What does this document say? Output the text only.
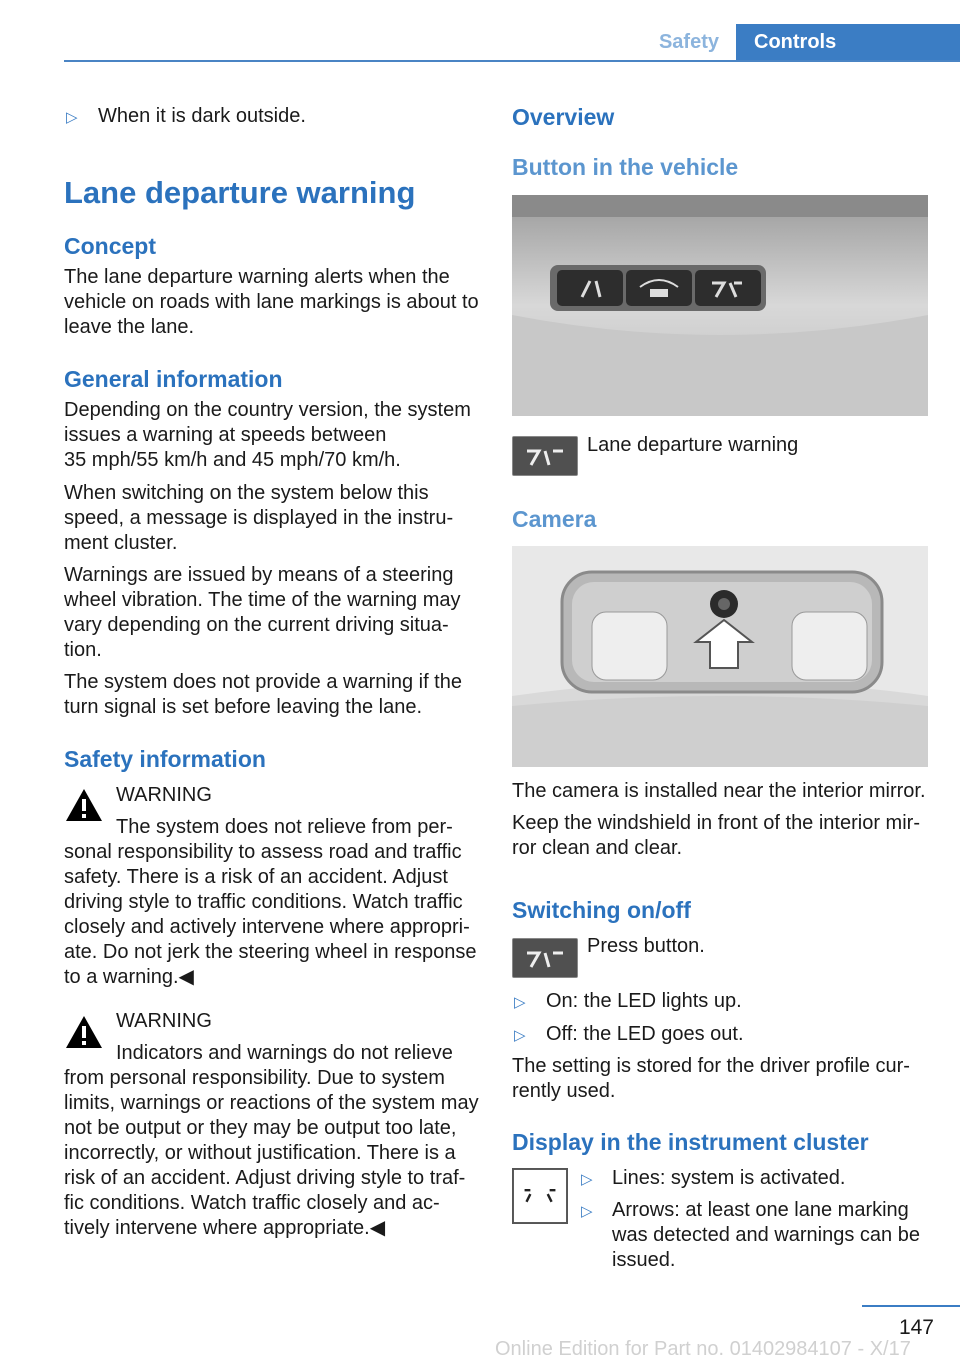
Safety	Controls
▷ When it is dark outside.
Lane departure warning
Concept
The lane departure warning alerts when the
vehicle on roads with lane markings is about to
leave the lane.
General information
Depending on the country version, the system
issues a warning at speeds between
35 mph/55 km/h and 45 mph/70 km/h.
When switching on the system below this
speed, a message is displayed in the instru‐
ment cluster.
Warnings are issued by means of a steering
wheel vibration. The time of the warning may
vary depending on the current driving situa‐
tion.
The system does not provide a warning if the
turn signal is set before leaving the lane.
Safety information
WARNING
The system does not relieve from per‐
sonal responsibility to assess road and traffic
safety. There is a risk of an accident. Adjust
driving style to traffic conditions. Watch traffic
closely and actively intervene where appropri‐
ate. Do not jerk the steering wheel in response
to a warning.◀
WARNING
Indicators and warnings do not relieve
from personal responsibility. Due to system
limits, warnings or reactions of the system may
not be output or they may be output too late,
incorrectly, or without justification. There is a
risk of an accident. Adjust driving style to traf‐
fic conditions. Watch traffic closely and ac‐
tively intervene where appropriate.◀
Overview
Button in the vehicle
Lane departure warning
Camera
The camera is installed near the interior mirror.
Keep the windshield in front of the interior mir‐
ror clean and clear.
Switching on/off
Press button.
▷ On: the LED lights up.
▷ Off: the LED goes out.
The setting is stored for the driver profile cur‐
rently used.
Display in the instrument cluster
▷ Lines: system is activated.
▷ Arrows: at least one lane marking
was detected and warnings can be
issued.
147
Online Edition for Part no. 01402984107 - X/17
